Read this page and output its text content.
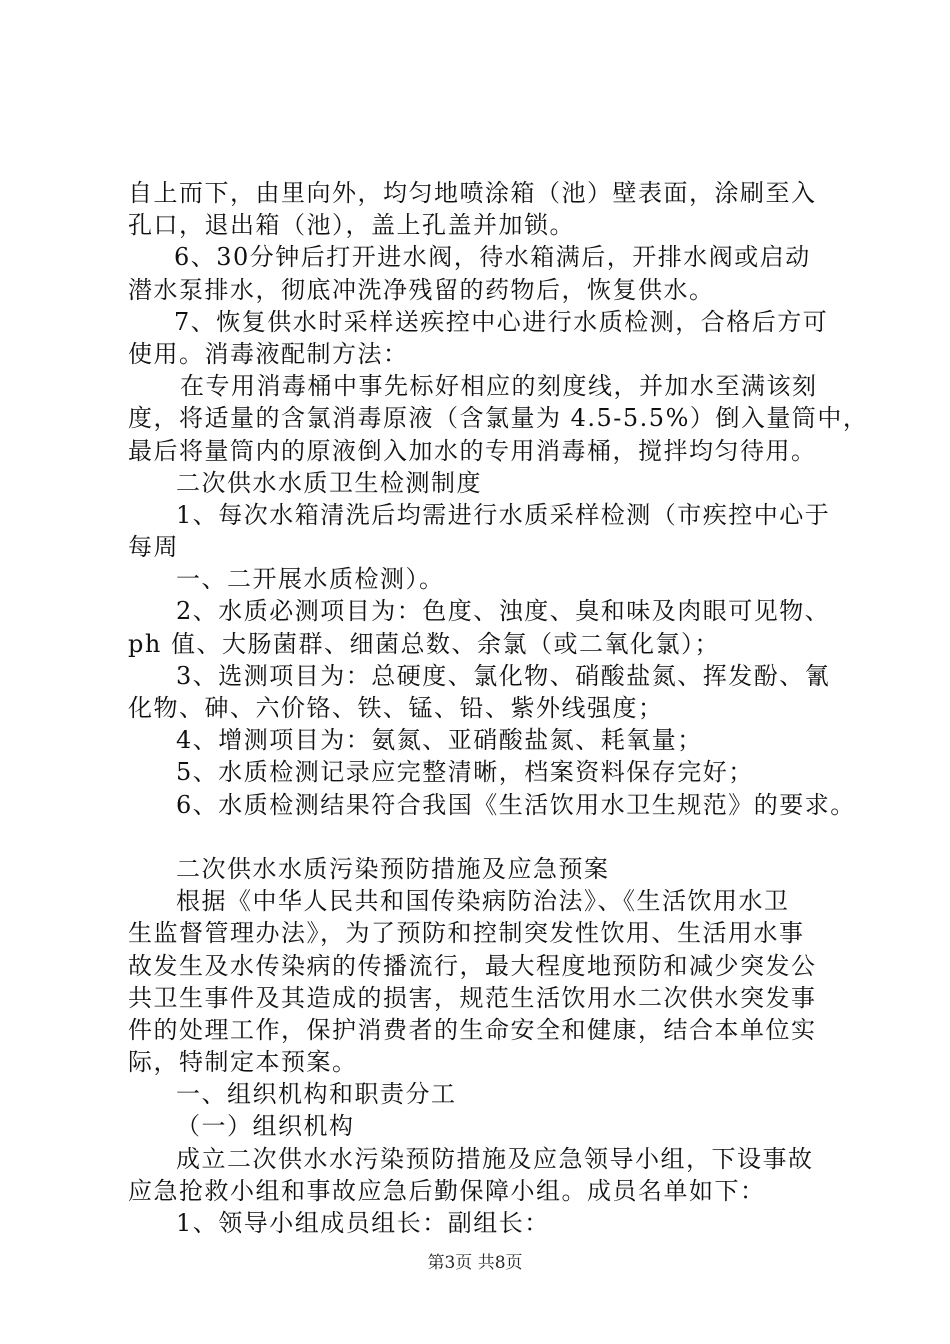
自上而下，由里向外，均匀地喷涂箱（池）壁表面，涂刷至入
孔口，退出箱（池），盖上孔盖并加锁。
6、30分钟后打开进水阀，待水箱满后，开排水阀或启动
潜水泵排水，彻底冲洗净残留的药物后，恢复供水。
7、恢复供水时采样送疾控中心进行水质检测，合格后方可
使用。消毒液配制方法：
在专用消毒桶中事先标好相应的刻度线，并加水至满该刻
度，将适量的含氯消毒原液（含氯量为 4.5-5.5%）倒入量筒中，
最后将量筒内的原液倒入加水的专用消毒桶，搅拌均匀待用。
二次供水水质卫生检测制度
1、每次水箱清洗后均需进行水质采样检测（市疾控中心于
每周
一、二开展水质检测）。
2、水质必测项目为：色度、浊度、臭和味及肉眼可见物、
ph 值、大肠菌群、细菌总数、余氯（或二氧化氯）；
3、选测项目为：总硬度、氯化物、硝酸盐氮、挥发酚、氰
化物、砷、六价铬、铁、锰、铅、紫外线强度；
4、增测项目为：氨氮、亚硝酸盐氮、耗氧量；
5、水质检测记录应完整清晰，档案资料保存完好；
6、水质检测结果符合我国《生活饮用水卫生规范》的要求。
二次供水水质污染预防措施及应急预案
根据《中华人民共和国传染病防治法》、《生活饮用水卫
生监督管理办法》，为了预防和控制突发性饮用、生活用水事
故发生及水传染病的传播流行，最大程度地预防和减少突发公
共卫生事件及其造成的损害，规范生活饮用水二次供水突发事
件的处理工作，保护消费者的生命安全和健康，结合本单位实
际，特制定本预案。
一、组织机构和职责分工
（一）组织机构
成立二次供水水污染预防措施及应急领导小组，下设事故
应急抢救小组和事故应急后勤保障小组。成员名单如下：
1、领导小组成员组长：副组长：
第3页 共8页
